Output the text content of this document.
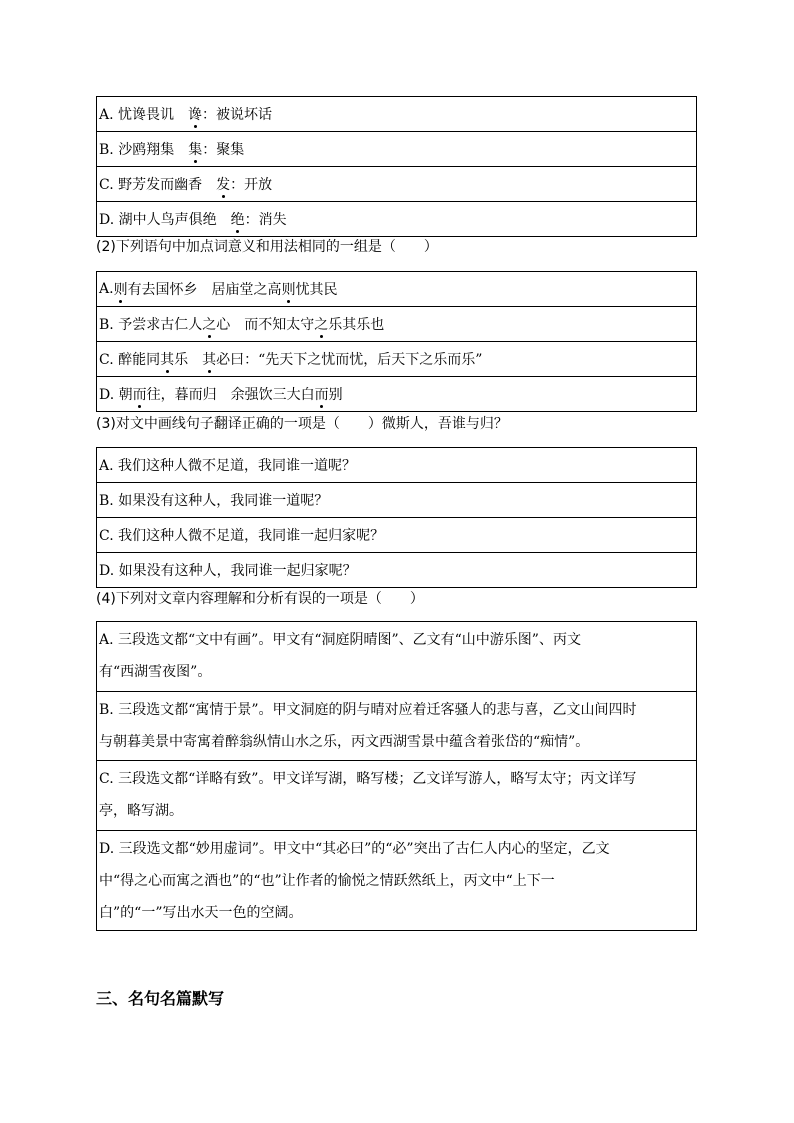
A. 忧谗畏讥　 谗 ：被说坏话
B. 沙鸥翔集　 集 ：聚集
C. 野芳发而幽香　 发 ：开放
D. 湖中人鸟声俱绝　 绝 ：消失
(2)下列语句中加点词意义和用法相同的一组是（　　）
A. 则 有去国怀乡　居庙堂之高 则 忧其民
B. 予尝求古仁人 之 心　而不知太守 之 乐其乐也
C. 醉能同 其 乐　 其 必曰：“先天下之忧而忧，后天下之乐而乐”
D. 朝 而 往，暮而归　余强饮三大白 而 别
(3)对文中画线句子翻译正确的一项是（　　）微斯人，吾谁与归？
A. 我们这种人微不足道，我同谁一道呢？
B. 如果没有这种人，我同谁一道呢？
C. 我们这种人微不足道，我同谁一起归家呢？
D. 如果没有这种人，我同谁一起归家呢？
(4)下列对文章内容理解和分析有误的一项是（　　）
A. 三段选文都“文中有画”。甲文有“洞庭阴晴图”、乙文有“山中游乐图”、丙文
有“西湖雪夜图”。
B. 三段选文都“寓情于景”。甲文洞庭的阴与晴对应着迁客骚人的悲与喜，乙文山间四时
与朝暮美景中寄寓着醉翁纵情山水之乐，丙文西湖雪景中蕴含着张岱的“痴情”。
C. 三段选文都“详略有致”。甲文详写湖，略写楼；乙文详写游人，略写太守；丙文详写
亭，略写湖。
D. 三段选文都“妙用虚词”。甲文中“其必曰”的“必”突出了古仁人内心的坚定，乙文
中“得之心而寓之酒也”的“也”让作者的愉悦之情跃然纸上，丙文中“上下一
白”的“一”写出水天一色的空阔。
三、名句名篇默写
